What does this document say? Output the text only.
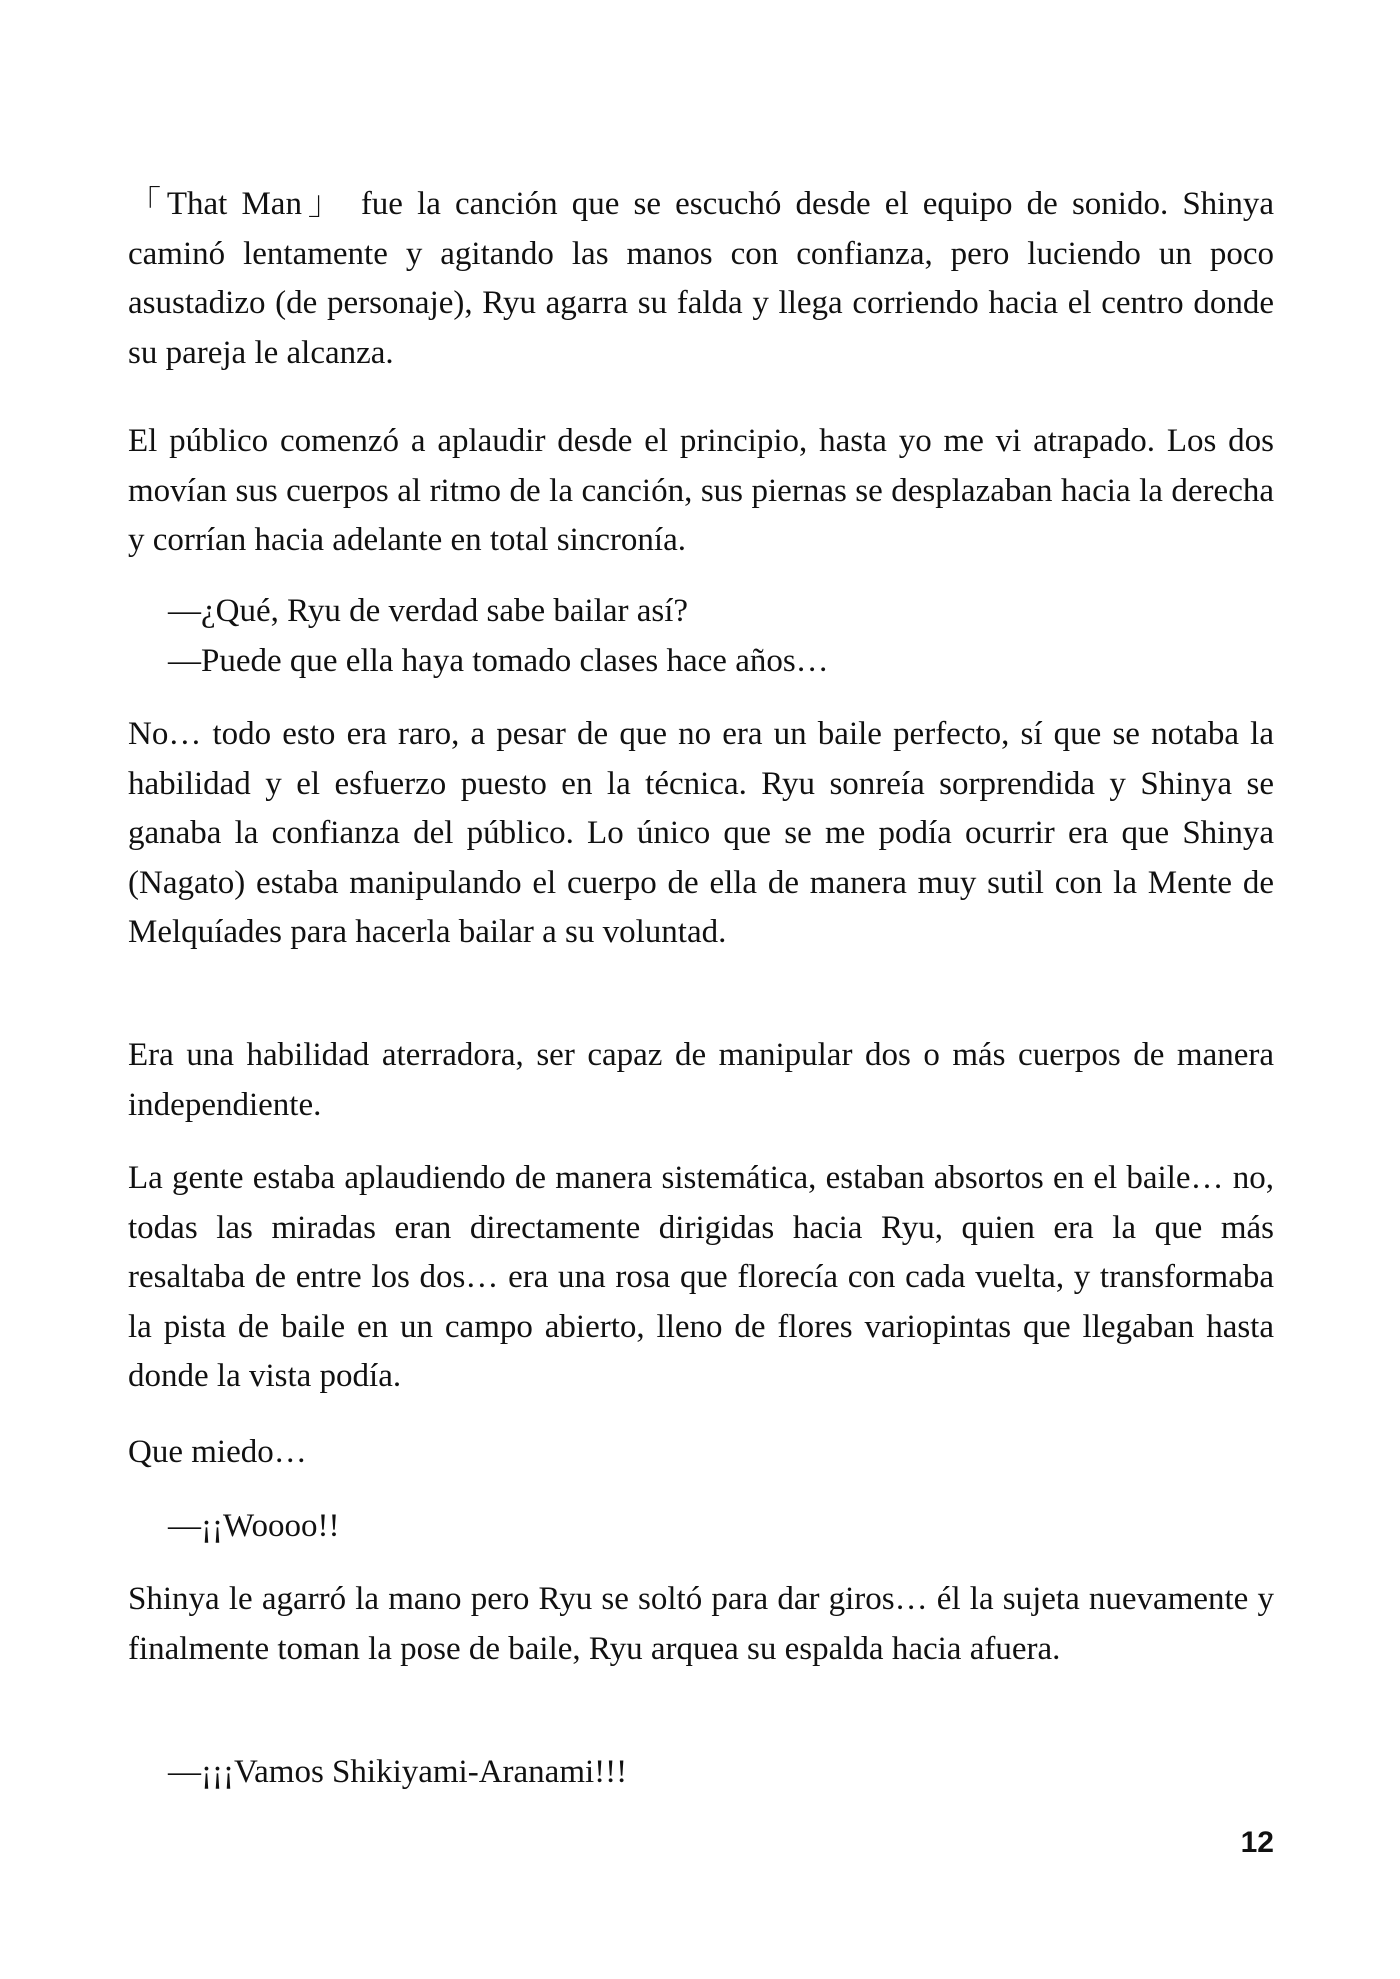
「That Man」 fue la canción que se escuchó desde el equipo de sonido. Shinya caminó lentamente y agitando las manos con confianza, pero luciendo un poco asustadizo (de personaje), Ryu agarra su falda y llega corriendo hacia el centro donde su pareja le alcanza.

El público comenzó a aplaudir desde el principio, hasta yo me vi atrapado. Los dos movían sus cuerpos al ritmo de la canción, sus piernas se desplazaban hacia la derecha y corrían hacia adelante en total sincronía.

—¿Qué, Ryu de verdad sabe bailar así?

—Puede que ella haya tomado clases hace años…

No… todo esto era raro, a pesar de que no era un baile perfecto, sí que se notaba la habilidad y el esfuerzo puesto en la técnica. Ryu sonreía sorprendida y Shinya se ganaba la confianza del público. Lo único que se me podía ocurrir era que Shinya (Nagato) estaba manipulando el cuerpo de ella de manera muy sutil con la Mente de Melquíades para hacerla bailar a su voluntad.

Era una habilidad aterradora, ser capaz de manipular dos o más cuerpos de manera independiente.

La gente estaba aplaudiendo de manera sistemática, estaban absortos en el baile… no, todas las miradas eran directamente dirigidas hacia Ryu, quien era la que más resaltaba de entre los dos… era una rosa que florecía con cada vuelta, y transformaba la pista de baile en un campo abierto, lleno de flores variopintas que llegaban hasta donde la vista podía.

Que miedo…

—¡¡Woooo!!

Shinya le agarró la mano pero Ryu se soltó para dar giros… él la sujeta nuevamente y finalmente toman la pose de baile, Ryu arquea su espalda hacia afuera.

—¡¡¡Vamos Shikiyami-Aranami!!!

12
